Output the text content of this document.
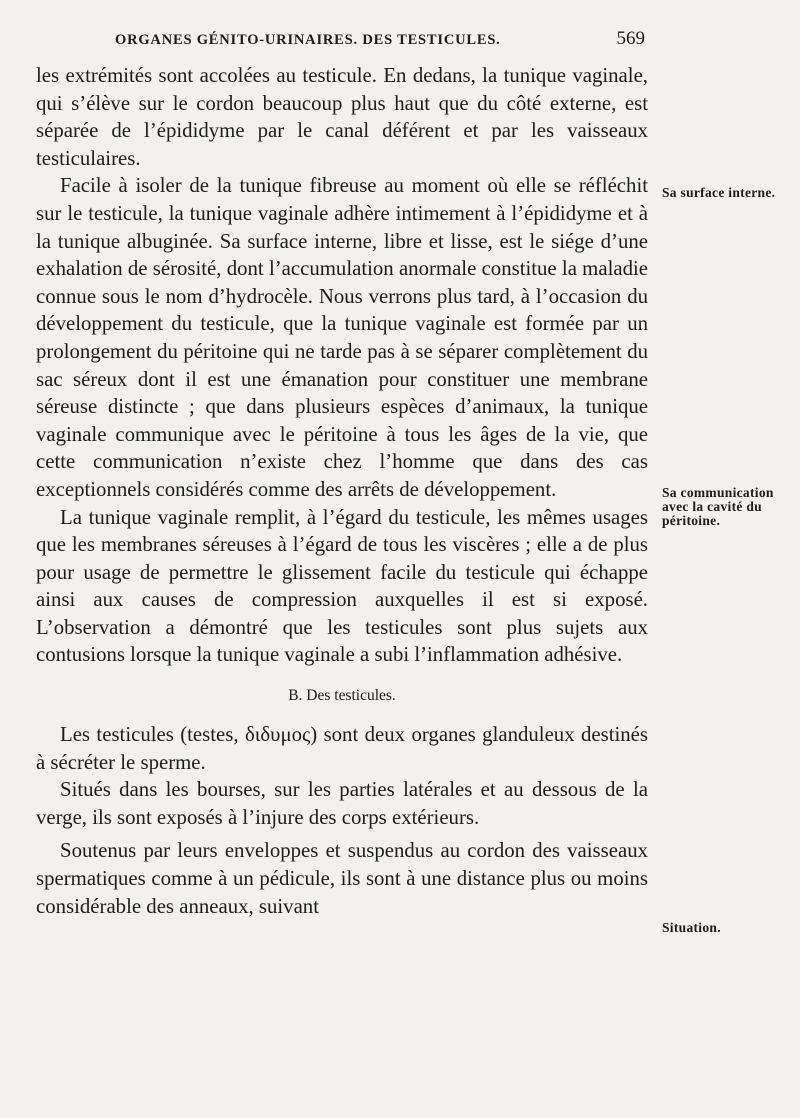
ORGANES GÉNITO-URINAIRES. DES TESTICULES.	569

les extrémités sont accolées au testicule. En dedans, la tunique vaginale, qui s’élève sur le cordon beaucoup plus haut que du côté externe, est séparée de l’épididyme par le canal déférent et par les vaisseaux testiculaires.

Facile à isoler de la tunique fibreuse au moment où elle se réfléchit sur le testicule, la tunique vaginale adhère intimement à l’épididyme et à la tunique albuginée. Sa surface interne, libre et lisse, est le siége d’une exhalation de sérosité, dont l’accumulation anormale constitue la maladie connue sous le nom d’hydrocèle. Nous verrons plus tard, à l’occasion du développement du testicule, que la tunique vaginale est formée par un prolongement du péritoine qui ne tarde pas à se séparer complètement du sac séreux dont il est une émanation pour constituer une membrane séreuse distincte ; que dans plusieurs espèces d’animaux, la tunique vaginale communique avec le péritoine à tous les âges de la vie, que cette communication n’existe chez l’homme que dans des cas exceptionnels considérés comme des arrêts de développement.

La tunique vaginale remplit, à l’égard du testicule, les mêmes usages que les membranes séreuses à l’égard de tous les viscères ; elle a de plus pour usage de permettre le glissement facile du testicule qui échappe ainsi aux causes de compression auxquelles il est si exposé. L’observation a démontré que les testicules sont plus sujets aux contusions lorsque la tunique vaginale a subi l’inflammation adhésive.

B. Des testicules.

Les testicules (testes, διδυμος) sont deux organes glanduleux destinés à sécréter le sperme.

Situés dans les bourses, sur les parties latérales et au dessous de la verge, ils sont exposés à l’injure des corps extérieurs.

Soutenus par leurs enveloppes et suspendus au cordon des vaisseaux spermatiques comme à un pédicule, ils sont à une distance plus ou moins considérable des anneaux, suivant

Sa surface interne.
Sa communication avec la cavité du péritoine.
Situation.
